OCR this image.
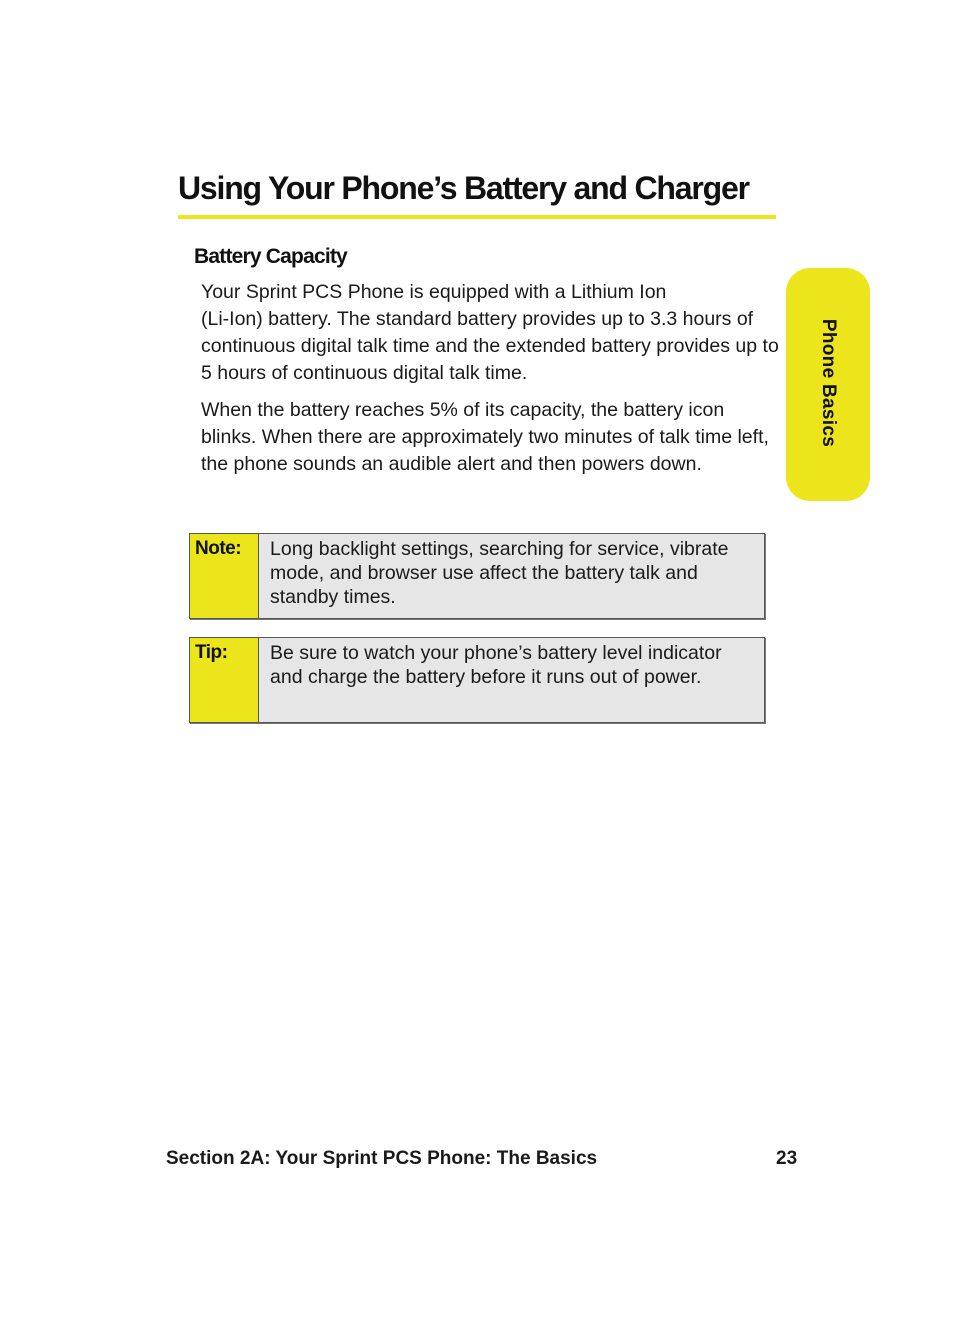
Using Your Phone’s Battery and Charger
Battery Capacity

Your Sprint PCS Phone is equipped with a Lithium Ion
(Li-Ion) battery. The standard battery provides up to 3.3 hours of continuous digital talk time and the extended battery provides up to 5 hours of continuous digital talk time.

When the battery reaches 5% of its capacity, the battery icon blinks. When there are approximately two minutes of talk time left, the phone sounds an audible alert and then powers down.

Phone Basics
Note:	Long backlight settings, searching for service, vibrate mode, and browser use affect the battery talk and standby times.
Tip:	Be sure to watch your phone’s battery level indicator and charge the battery before it runs out of power.
Section 2A: Your Sprint PCS Phone: The Basics	23
